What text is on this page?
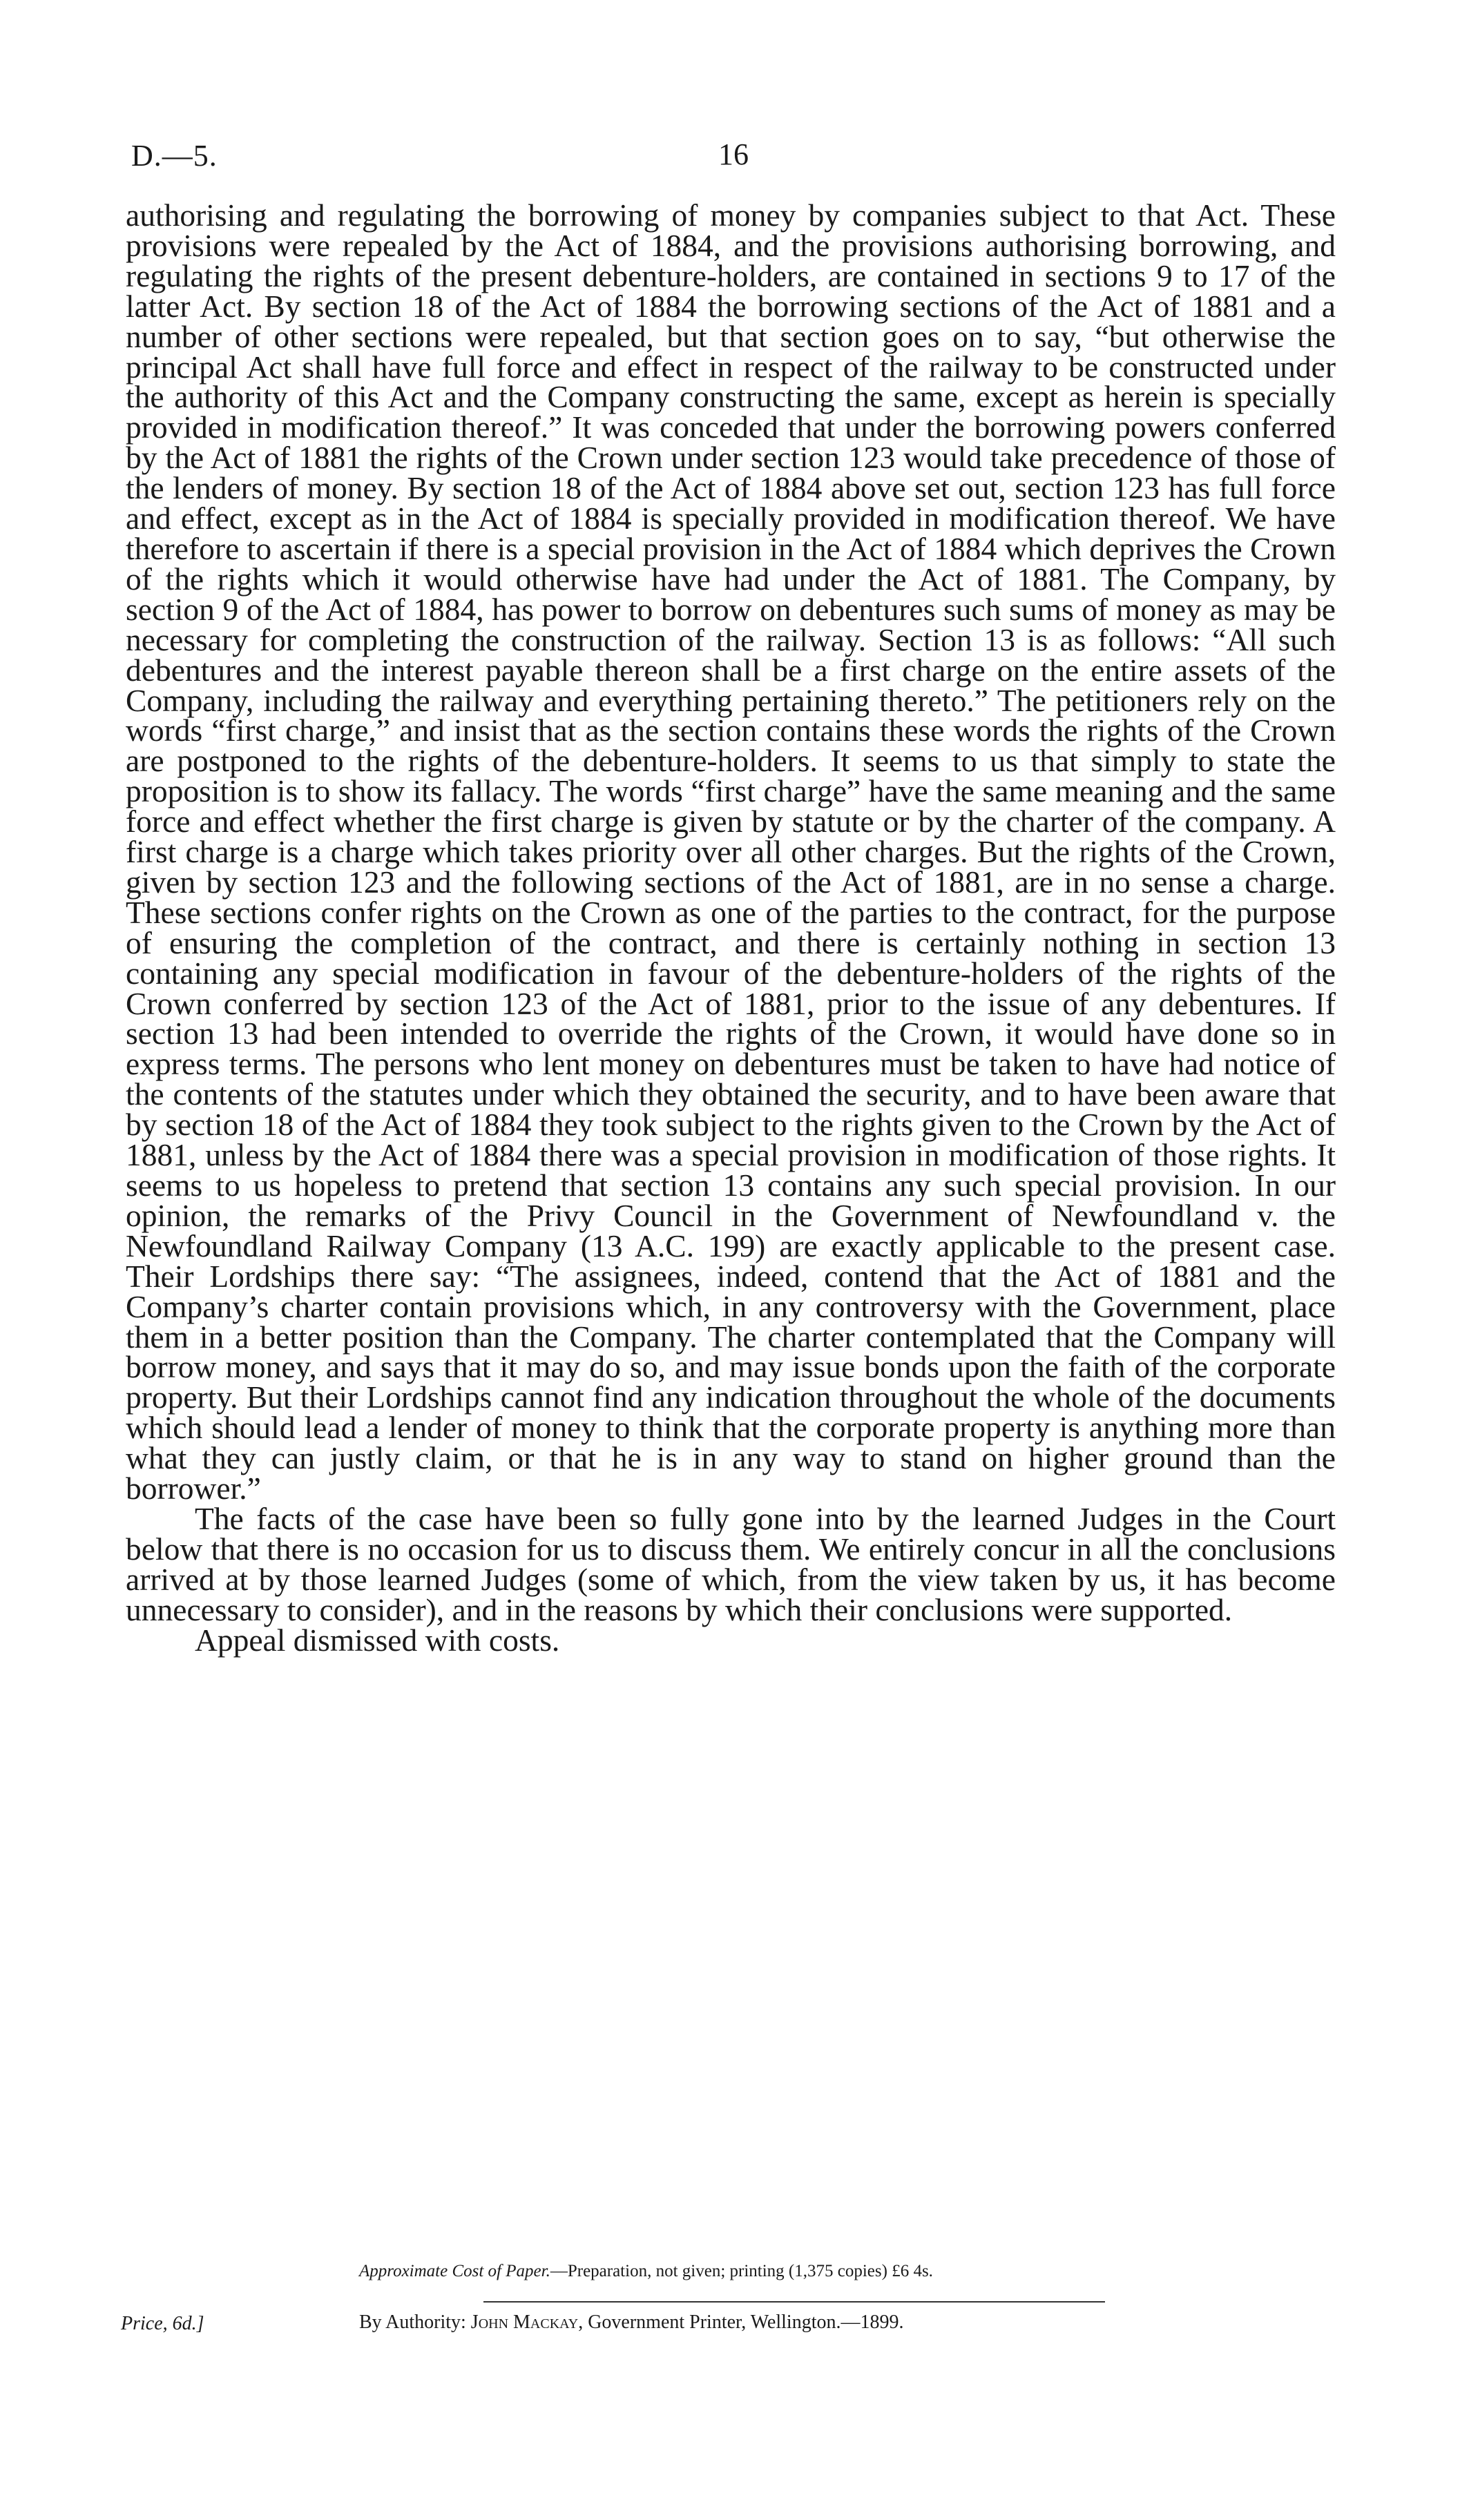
D.—5.	16

authorising and regulating the borrowing of money by companies subject to that Act. These provisions were repealed by the Act of 1884, and the provisions authorising borrowing, and regulating the rights of the present debenture-holders, are contained in sections 9 to 17 of the latter Act. By section 18 of the Act of 1884 the borrowing sections of the Act of 1881 and a number of other sections were repealed, but that section goes on to say, “but otherwise the principal Act shall have full force and effect in respect of the railway to be constructed under the authority of this Act and the Company constructing the same, except as herein is specially provided in modification thereof.” It was conceded that under the borrowing powers conferred by the Act of 1881 the rights of the Crown under section 123 would take precedence of those of the lenders of money. By section 18 of the Act of 1884 above set out, section 123 has full force and effect, except as in the Act of 1884 is specially provided in modification thereof. We have therefore to ascertain if there is a special provision in the Act of 1884 which deprives the Crown of the rights which it would otherwise have had under the Act of 1881. The Company, by section 9 of the Act of 1884, has power to borrow on debentures such sums of money as may be necessary for completing the construction of the railway. Section 13 is as follows: “All such debentures and the interest payable thereon shall be a first charge on the entire assets of the Company, including the railway and everything pertaining thereto.” The petitioners rely on the words “first charge,” and insist that as the section contains these words the rights of the Crown are postponed to the rights of the debenture-holders. It seems to us that simply to state the proposition is to show its fallacy. The words “first charge” have the same meaning and the same force and effect whether the first charge is given by statute or by the charter of the company. A first charge is a charge which takes priority over all other charges. But the rights of the Crown, given by section 123 and the following sections of the Act of 1881, are in no sense a charge. These sections confer rights on the Crown as one of the parties to the contract, for the purpose of ensuring the completion of the contract, and there is certainly nothing in section 13 containing any special modification in favour of the debenture-holders of the rights of the Crown conferred by section 123 of the Act of 1881, prior to the issue of any debentures. If section 13 had been intended to override the rights of the Crown, it would have done so in express terms. The persons who lent money on debentures must be taken to have had notice of the contents of the statutes under which they obtained the security, and to have been aware that by section 18 of the Act of 1884 they took subject to the rights given to the Crown by the Act of 1881, unless by the Act of 1884 there was a special provision in modification of those rights. It seems to us hopeless to pretend that section 13 contains any such special provision. In our opinion, the remarks of the Privy Council in the Government of Newfoundland v. the Newfoundland Railway Company (13 A.C. 199) are exactly applicable to the present case. Their Lordships there say: “The assignees, indeed, contend that the Act of 1881 and the Company’s charter contain provisions which, in any controversy with the Government, place them in a better position than the Company. The charter contemplated that the Company will borrow money, and says that it may do so, and may issue bonds upon the faith of the corporate property. But their Lordships cannot find any indication throughout the whole of the documents which should lead a lender of money to think that the corporate property is anything more than what they can justly claim, or that he is in any way to stand on higher ground than the borrower.”

The facts of the case have been so fully gone into by the learned Judges in the Court below that there is no occasion for us to discuss them. We entirely concur in all the conclusions arrived at by those learned Judges (some of which, from the view taken by us, it has become unnecessary to consider), and in the reasons by which their conclusions were supported.

Appeal dismissed with costs.

Approximate Cost of Paper.—Preparation, not given; printing (1,375 copies) £6 4s.
Price, 6d.]	By Authority: John Mackay, Government Printer, Wellington.—1899.
